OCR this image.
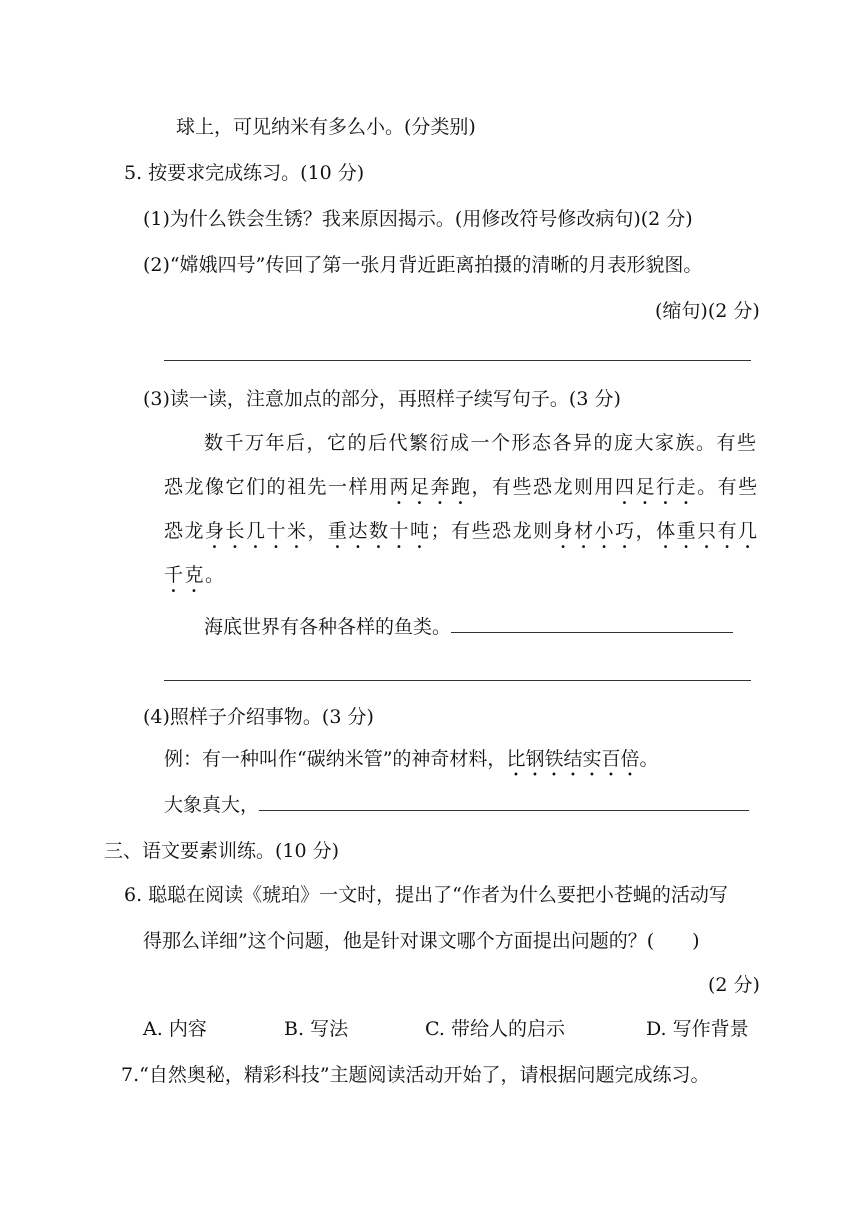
球上，可见纳米有多么小。(分类别)
5. 按要求完成练习。(10 分)
(1)为什么铁会生锈？我来原因揭示。(用修改符号修改病句)(2 分)
(2)“嫦娥四号”传回了第一张月背近距离拍摄的清晰的月表形貌图。
(缩句)(2 分)
(3)读一读，注意加点的部分，再照样子续写句子。(3 分)
数千万年后，它的后代繁衍成一个形态各异的庞大家族。有些
恐龙像它们的祖先一样用两足奔跑，有些恐龙则用四足行走。有些
恐龙身长几十米，重达数十吨；有些恐龙则身材小巧，体重只有几
千克。
海底世界有各种各样的鱼类。
(4)照样子介绍事物。(3 分)
例：有一种叫作“碳纳米管”的神奇材料，比钢铁结实百倍。
大象真大，
三、语文要素训练。(10 分)
6. 聪聪在阅读《琥珀》一文时，提出了“作者为什么要把小苍蝇的活动写
得那么详细”这个问题，他是针对课文哪个方面提出问题的？(　　)
(2 分)
A. 内容	B. 写法	C. 带给人的启示	D. 写作背景
7.“自然奥秘，精彩科技”主题阅读活动开始了，请根据问题完成练习。
